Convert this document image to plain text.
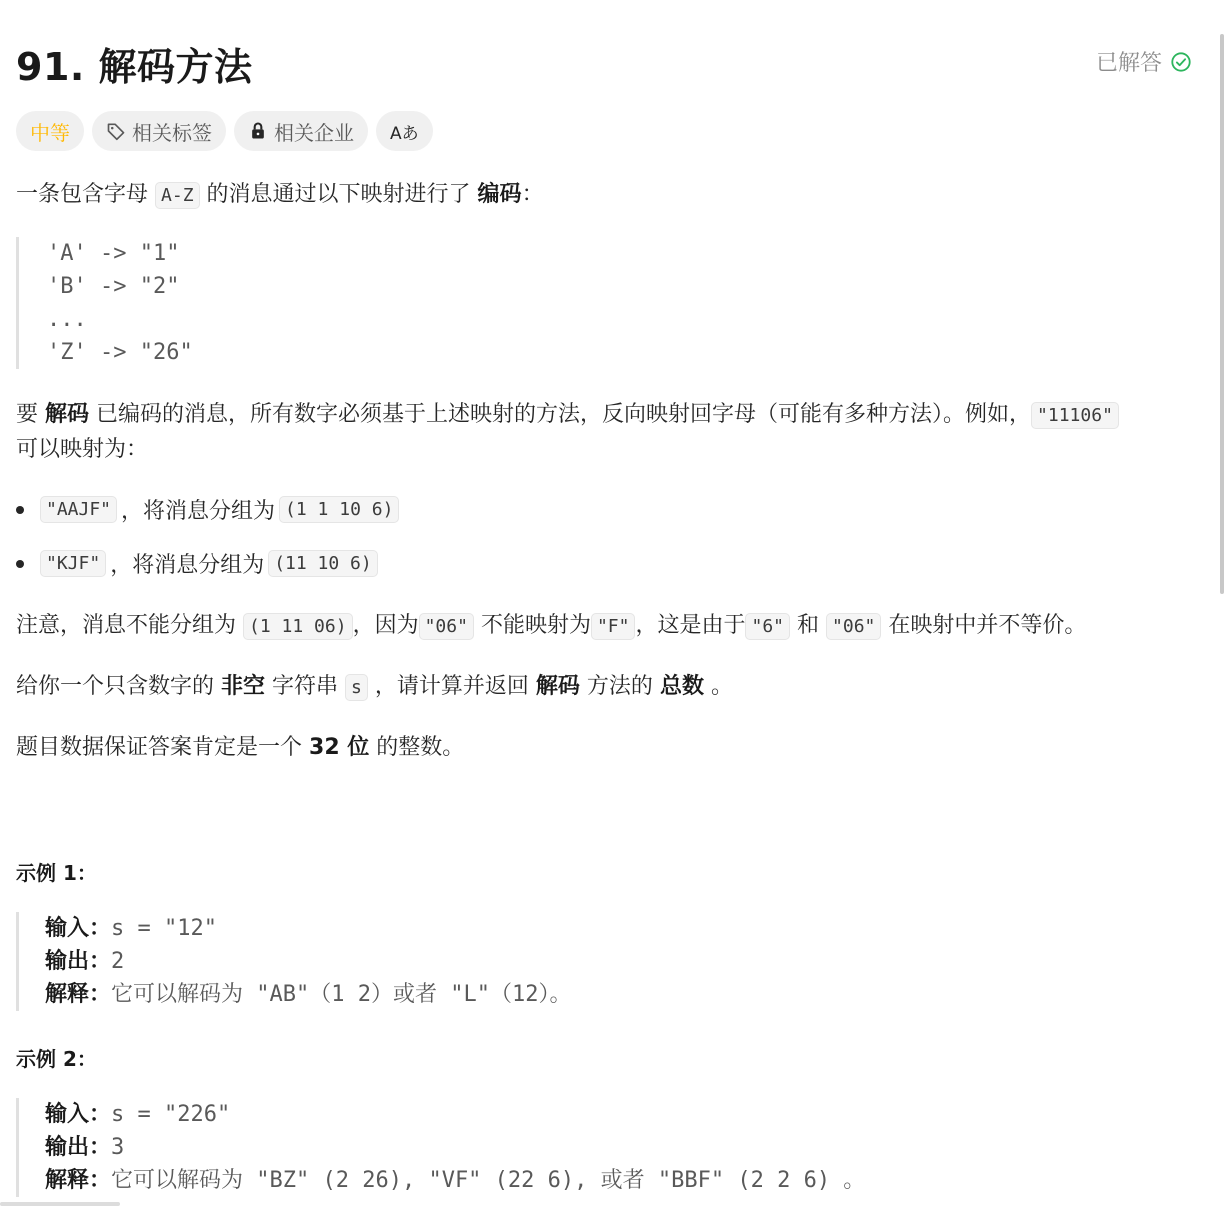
91. 解码方法	已解答
中等	相关标签	相关企业 Aあ
一条包含字母 A-Z 的消息通过以下映射进行了 编码：
'A' -> "1"
'B' -> "2"
...
'Z' -> "26"
要 解码 已编码的消息，所有数字必须基于上述映射的方法，反向映射回字母（可能有多种方法）。例如， "11106"
可以映射为：
"AAJF" ，将消息分组为 (1 1 10 6)
"KJF" ，将消息分组为 (11 10 6)
注意，消息不能分组为 (1 11 06) ，因为 "06" 不能映射为 "F" ，这是由于 "6" 和 "06" 在映射中并不等价。
给你一个只含数字的 非空 字符串 s ，请计算并返回 解码 方法的 总数 。
题目数据保证答案肯定是一个 32 位 的整数。
示例 1：
输入：s = "12"
输出：2
解释：它可以解码为 "AB"（1 2）或者 "L"（12）。
示例 2：
输入：s = "226"
输出：3
解释：它可以解码为 "BZ" (2 26), "VF" (22 6), 或者 "BBF" (2 2 6) 。
